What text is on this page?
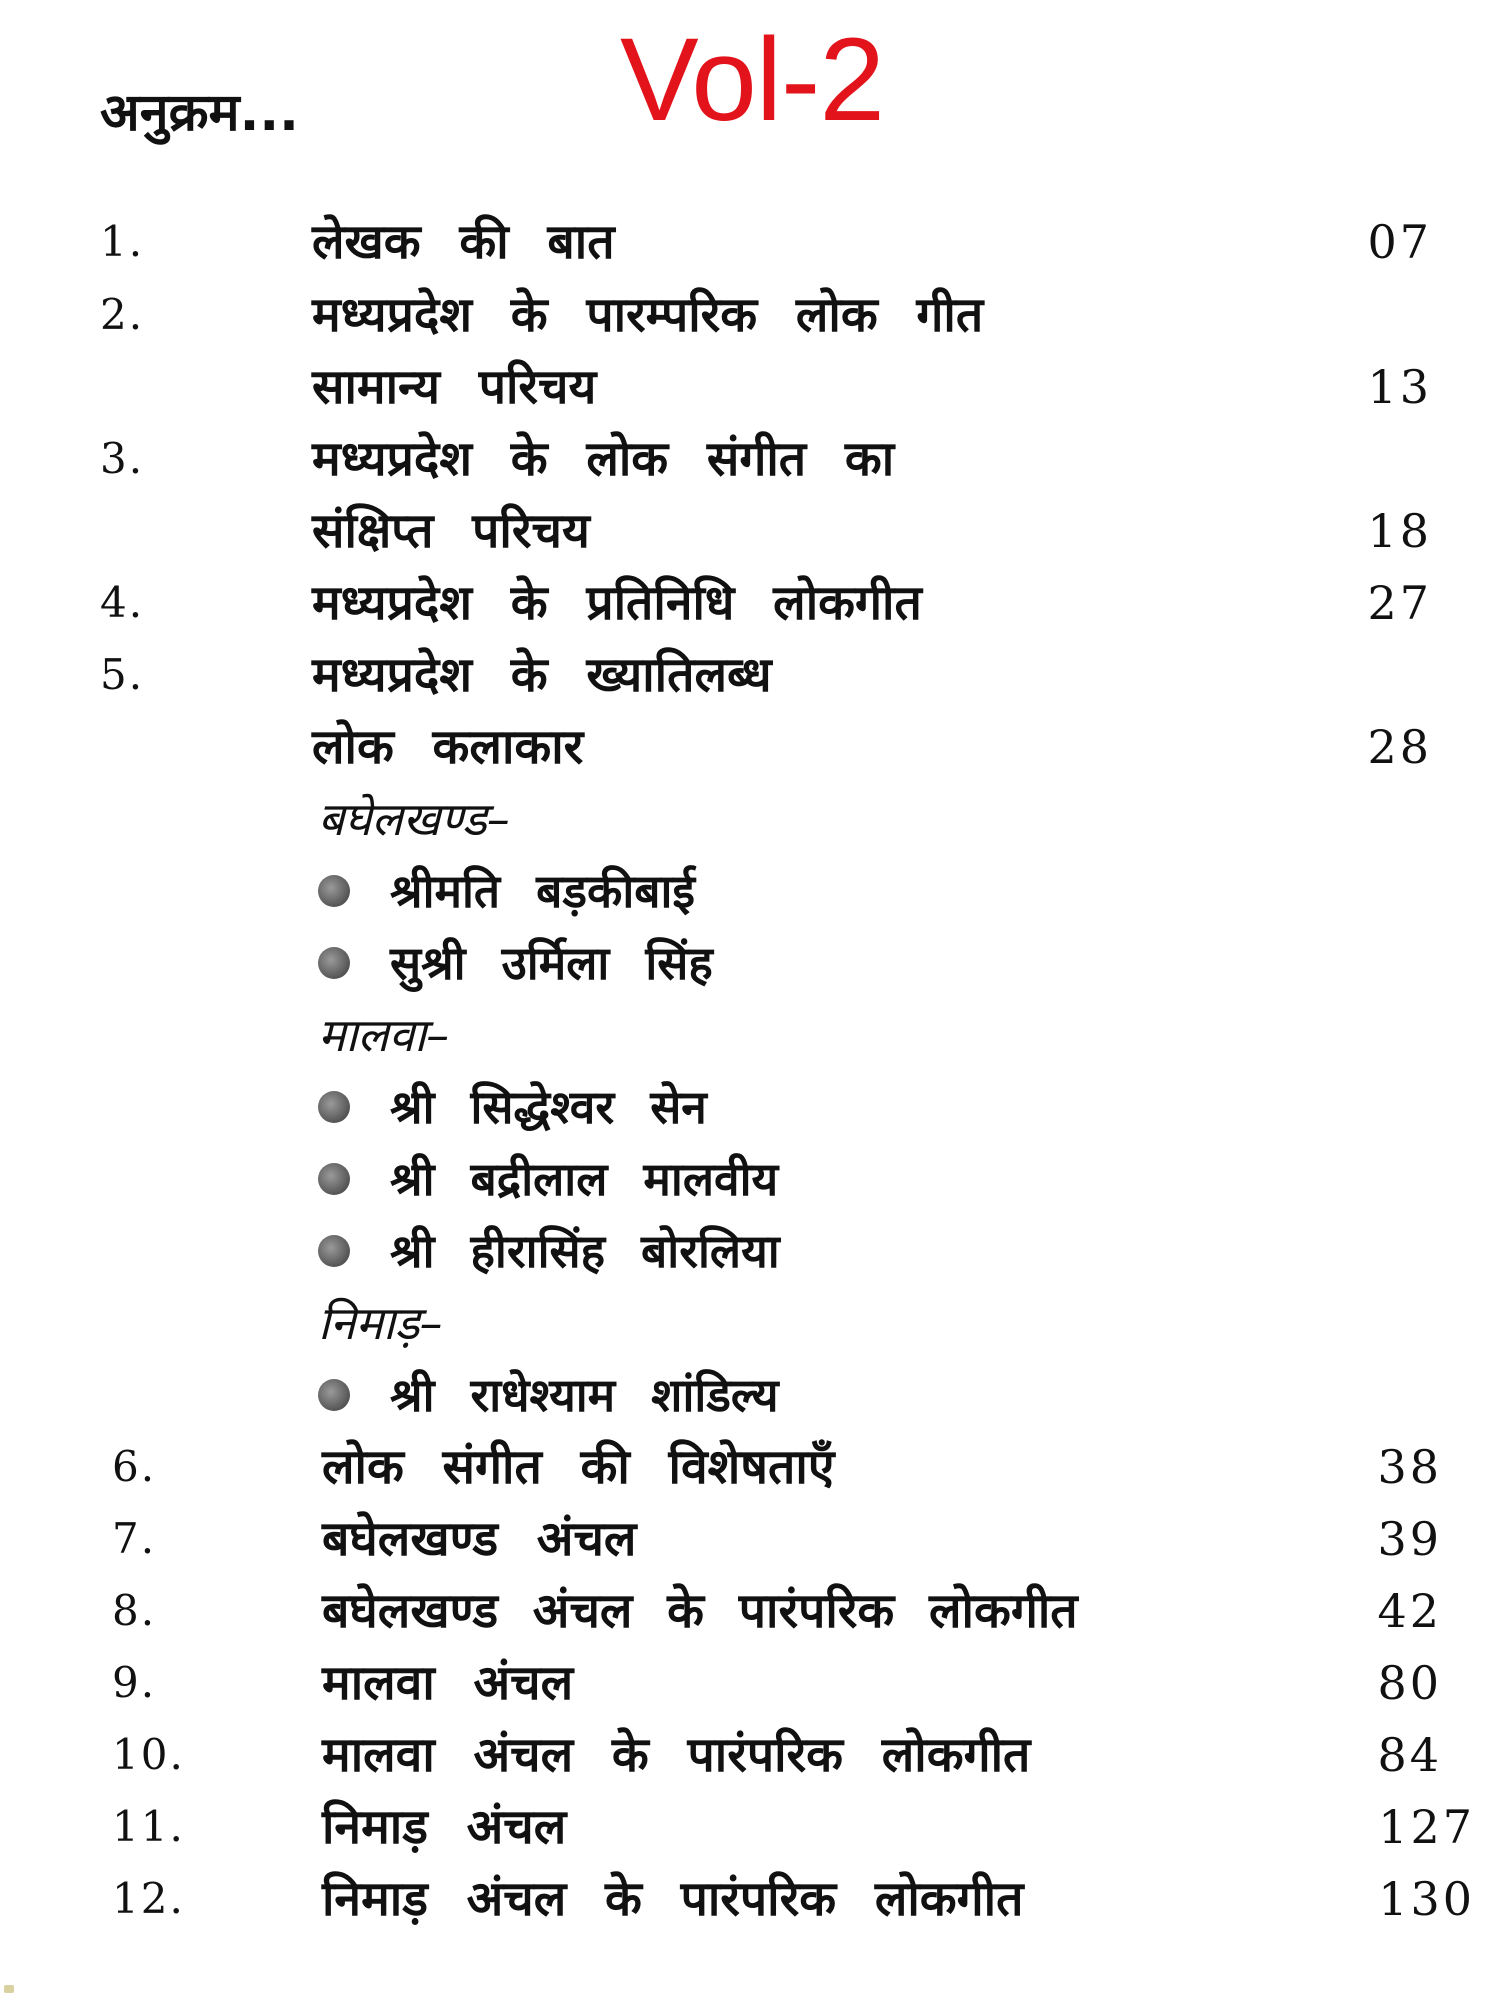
Vol-2
अनुक्रम...
1.	लेखक की बात	07
2.	मध्यप्रदेश के पारम्परिक लोक गीत
सामान्य परिचय	13
3.	मध्यप्रदेश के लोक संगीत का
संक्षिप्त परिचय	18
4.	मध्यप्रदेश के प्रतिनिधि लोकगीत	27
5.	मध्यप्रदेश के ख्यातिलब्ध
लोक कलाकार	28
बघेलखण्ड–
श्रीमति बड़कीबाई
सुश्री उर्मिला सिंह
मालवा–
श्री सिद्धेश्वर सेन
श्री बद्रीलाल मालवीय
श्री हीरासिंह बोरलिया
निमाड़–
श्री राधेश्याम शांडिल्य
6.	लोक संगीत की विशेषताएँ	38
7.	बघेलखण्ड अंचल	39
8.	बघेलखण्ड अंचल के पारंपरिक लोकगीत	42
9.	मालवा अंचल	80
10.	मालवा अंचल के पारंपरिक लोकगीत	84
11.	निमाड़ अंचल	127
12.	निमाड़ अंचल के पारंपरिक लोकगीत	130
